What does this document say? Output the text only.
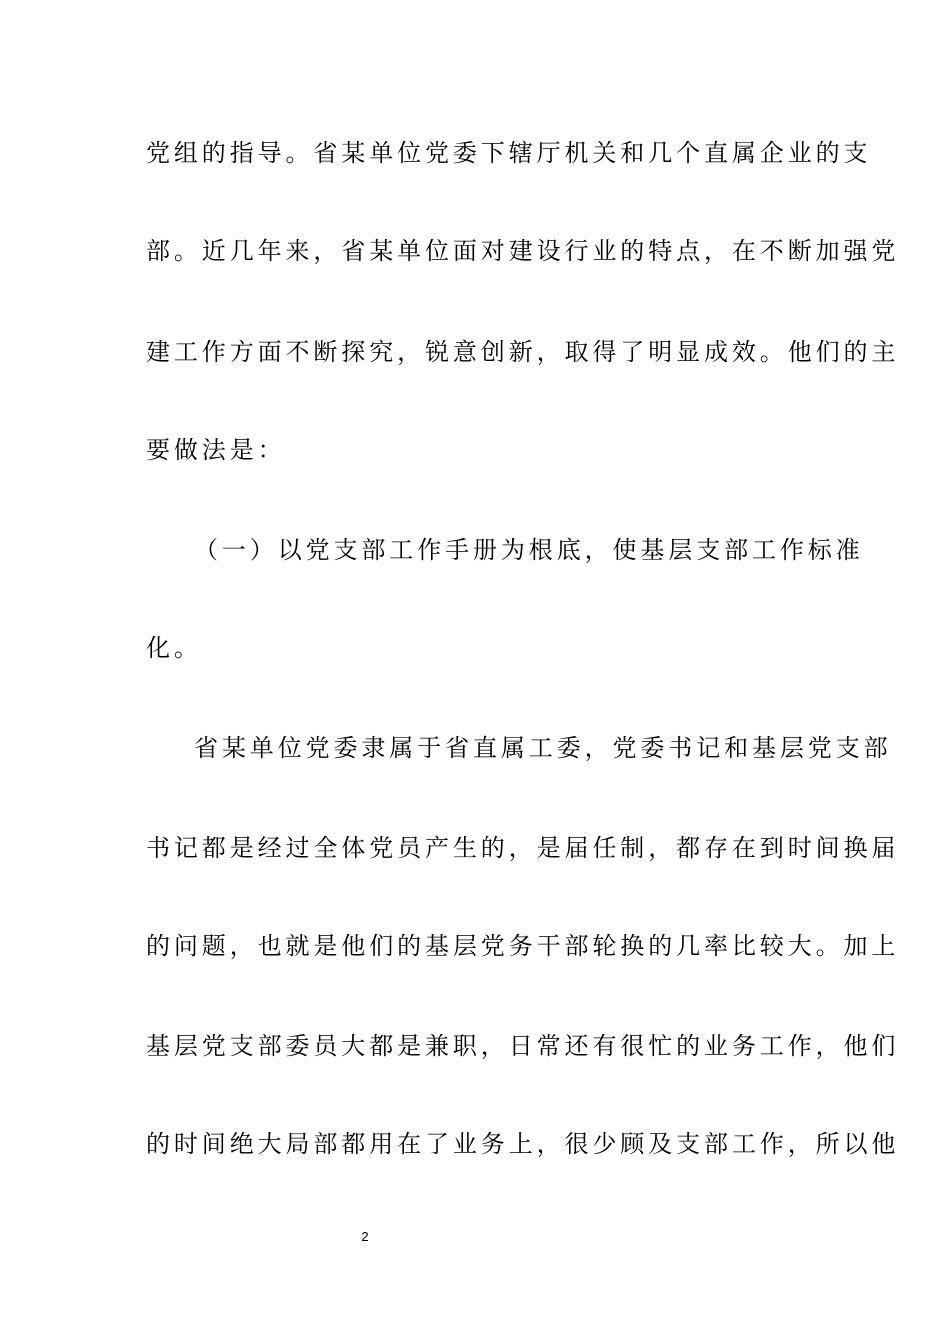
党组的指导。省某单位党委下辖厅机关和几个直属企业的支
部。近几年来，省某单位面对建设行业的特点，在不断加强党
建工作方面不断探究，锐意创新，取得了明显成效。他们的主
要做法是：
（一）以党支部工作手册为根底，使基层支部工作标准
化。
省某单位党委隶属于省直属工委，党委书记和基层党支部
书记都是经过全体党员产生的，是届任制，都存在到时间换届
的问题，也就是他们的基层党务干部轮换的几率比较大。加上
基层党支部委员大都是兼职，日常还有很忙的业务工作，他们
的时间绝大局部都用在了业务上，很少顾及支部工作，所以他
2
